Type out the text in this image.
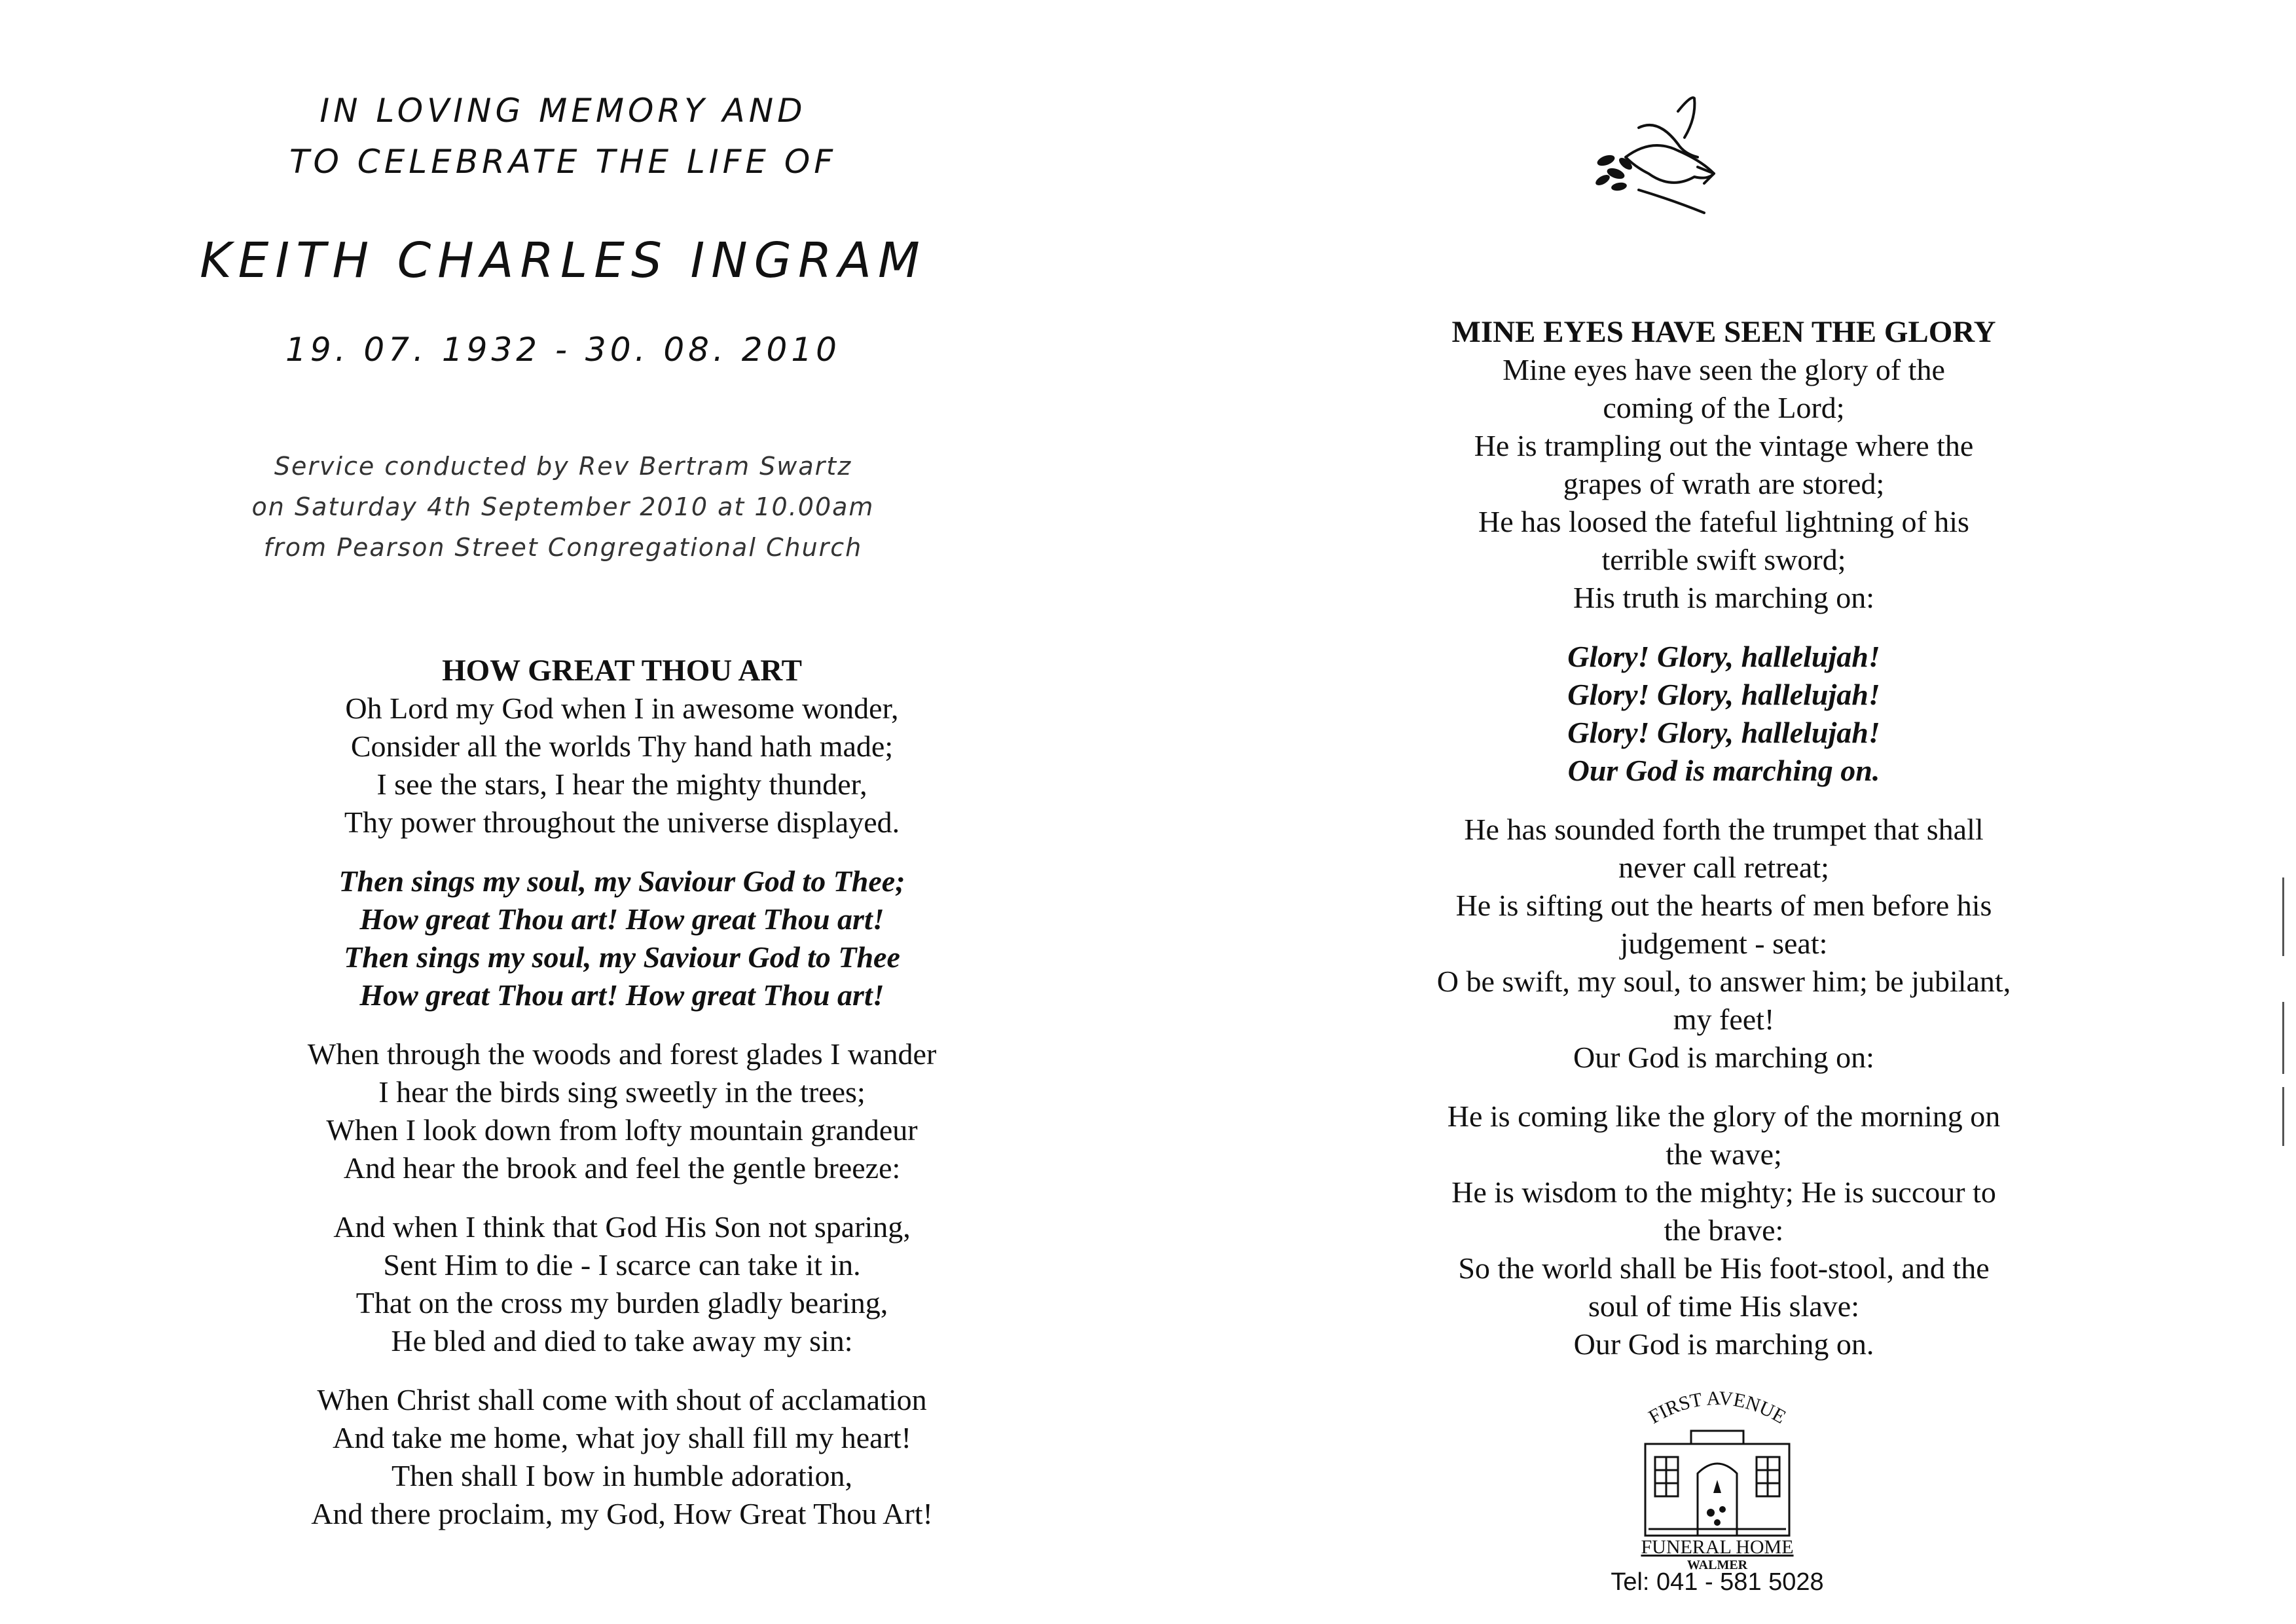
IN LOVING MEMORY AND
TO CELEBRATE THE LIFE OF
KEITH CHARLES INGRAM
19. 07. 1932 - 30. 08. 2010
Service conducted by Rev Bertram Swartz
on Saturday 4th September 2010 at 10.00am
from Pearson Street Congregational Church
HOW GREAT THOU ART
Oh Lord my God when I in awesome wonder,
Consider all the worlds Thy hand hath made;
I see the stars, I hear the mighty thunder,
Thy power throughout the universe displayed.
Then sings my soul, my Saviour God to Thee;
How great Thou art! How great Thou art!
Then sings my soul, my Saviour God to Thee
How great Thou art! How great Thou art!
When through the woods and forest glades I wander
I hear the birds sing sweetly in the trees;
When I look down from lofty mountain grandeur
And hear the brook and feel the gentle breeze:
And when I think that God His Son not sparing,
Sent Him to die - I scarce can take it in.
That on the cross my burden gladly bearing,
He bled and died to take away my sin:
When Christ shall come with shout of acclamation
And take me home, what joy shall fill my heart!
Then shall I bow in humble adoration,
And there proclaim, my God, How Great Thou Art!
MINE EYES HAVE SEEN THE GLORY
Mine eyes have seen the glory of the
coming of the Lord;
He is trampling out the vintage where the
grapes of wrath are stored;
He has loosed the fateful lightning of his
terrible swift sword;
His truth is marching on:
Glory! Glory, hallelujah!
Glory! Glory, hallelujah!
Glory! Glory, hallelujah!
Our God is marching on.
He has sounded forth the trumpet that shall
never call retreat;
He is sifting out the hearts of men before his
judgement - seat:
O be swift, my soul, to answer him; be jubilant,
my feet!
Our God is marching on:
He is coming like the glory of the morning on
the wave;
He is wisdom to the mighty; He is succour to
the brave:
So the world shall be His foot-stool, and the
soul of time His slave:
Our God is marching on.
FIRST AVENUE
FUNERAL HOME
WALMER
Tel: 041 - 581 5028
